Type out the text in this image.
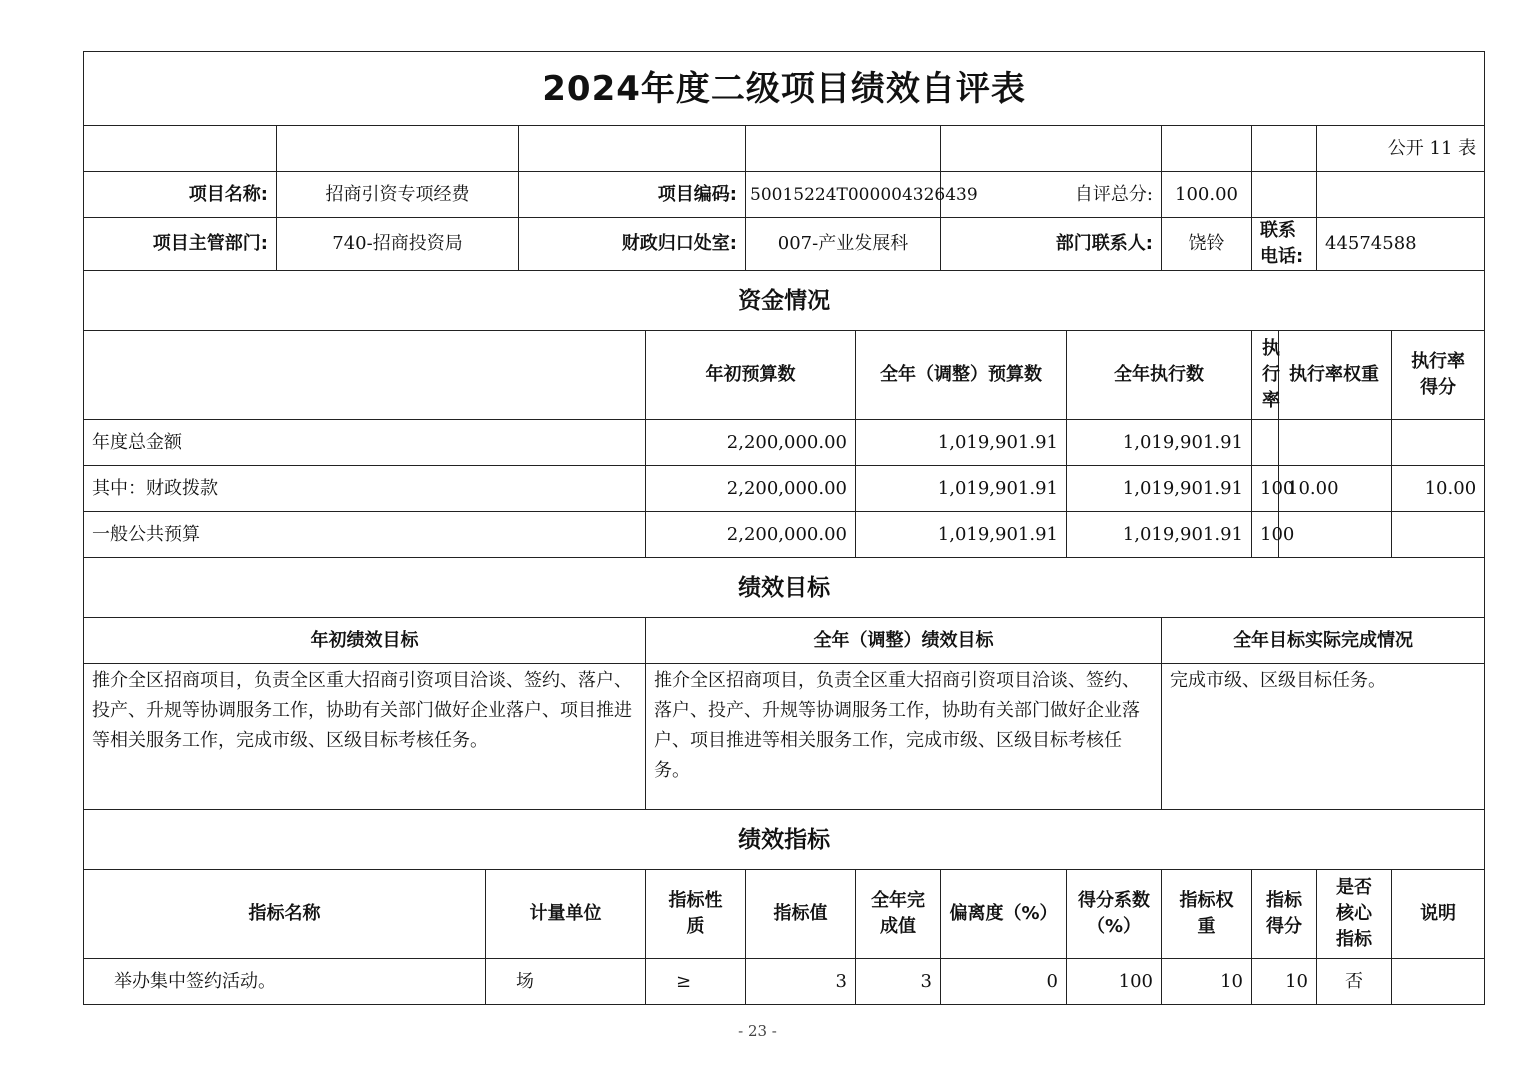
2024年度二级项目绩效自评表													
												公开 11 表	
项目名称:	招商引资专项经费		项目编码:		50015224T000004326439		自评总分:		100.00				
项目主管部门:	740-招商投资局		财政归口处室:		007-产业发展科		部门联系人:		饶铃	联系电话:		44574588	
资金情况													
				年初预算数		全年（调整）预算数		全年执行数		执行率	执行率权重		执行率得分
年度总金额				2,200,000.00		1,019,901.91		1,019,901.91					
其中：财政拨款				2,200,000.00		1,019,901.91		1,019,901.91		100	10.00		10.00
一般公共预算				2,200,000.00		1,019,901.91		1,019,901.91		100			
绩效目标													
年初绩效目标				全年（调整）绩效目标					全年目标实际完成情况				
推介全区招商项目，负责全区重大招商引资项目洽谈、签约、落户、投产、升规等协调服务工作，协助有关部门做好企业落户、项目推进等相关服务工作，完成市级、区级目标考核任务。				推介全区招商项目，负责全区重大招商引资项目洽谈、签约、落户、投产、升规等协调服务工作，协助有关部门做好企业落户、项目推进等相关服务工作，完成市级、区级目标考核任务。					完成市级、区级目标任务。				
绩效指标													
指标名称		计量单位		指标性质	指标值	全年完成值	偏离度（%）	得分系数（%）	指标权重	指标得分		是否核心指标	说明
举办集中签约活动。		场		≥	3	3	0	100	10	10		否	
- 23 -
